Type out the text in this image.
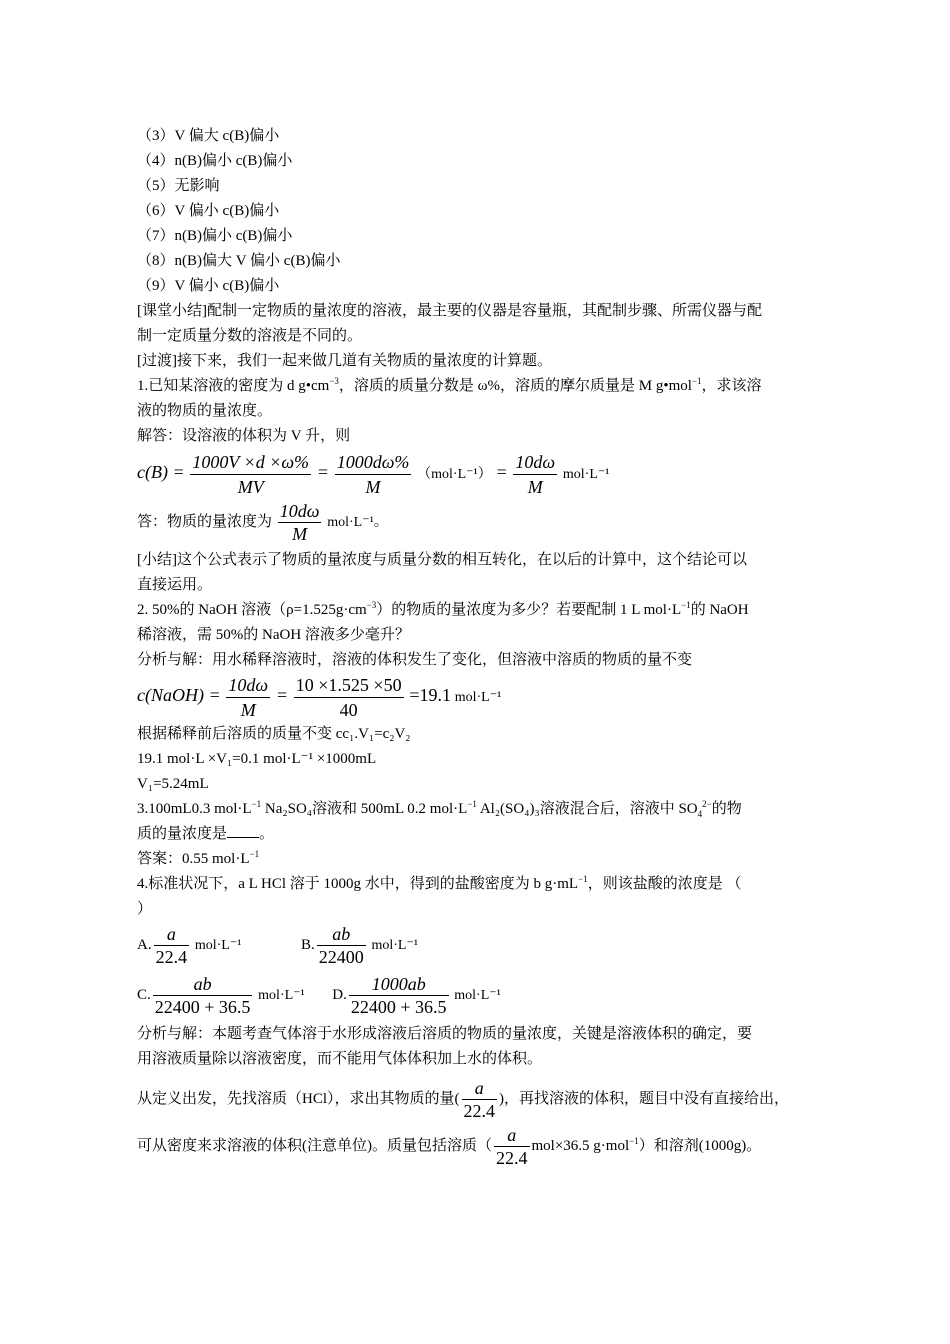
（3）V 偏大 c(B)偏小
（4）n(B)偏小 c(B)偏小
（5）无影响
（6）V 偏小 c(B)偏小
（7）n(B)偏小 c(B)偏小
（8）n(B)偏大 V 偏小 c(B)偏小
（9）V 偏小 c(B)偏小
[课堂小结]配制一定物质的量浓度的溶液，最主要的仪器是容量瓶，其配制步骤、所需仪器与配
制一定质量分数的溶液是不同的。
[过渡]接下来，我们一起来做几道有关物质的量浓度的计算题。
1.已知某溶液的密度为 d $g•cm^{-3}$，溶质的质量分数是 ω%，溶质的摩尔质量是 M g•mol$^{-1}$，求该溶
液的物质的量浓度。
解答：设溶液的体积为 V 升，则
$c(B) = \frac{1000V \times d \times\omega\%}{MV} = \frac{1000d\omega\%}{M} (mol\cdot L^{-1}) = \frac{10d\omega}{M} mol\cdot L^{-1}$
答：物质的量浓度为 $\frac{10d\omega}{M} mol\cdot L^{-1}$。
[小结]这个公式表示了物质的量浓度与质量分数的相互转化，在以后的计算中，这个结论可以
直接运用。
2. 50%的 NaOH 溶液$(\rho=1.525g\cdot cm^{-3})$的物质的量浓度为多少？若要配制 1 L $mol\cdot L^{-1}$的 NaOH
稀溶液，需 50%的 NaOH 溶液多少毫升？
分析与解：用水稀释溶液时，溶液的体积发生了变化，但溶液中溶质的物质的量不变
c(NaOH) = $\frac{10d\omega}{M} = \frac{10 \times 1.525 \times 50}{40} =19.1$ mol·L⁻¹
根据稀释前后溶质的质量不变 cc₁.V₁=c₂V₂
19.1 mol·L ×V₁=0.1 mol·L⁻¹ ×1000mL
V₁=5.24mL
3.100mL0.3 $mol\cdot L^{-1}$ Na₂SO₄溶液和 500mL 0.2 $mol\cdot L^{-1}$ Al₂(SO₄)₃溶液混合后，溶液中 $SO_4^{2-}$的物
质的量浓度是 。
答案：0.55 $mol\cdot L^{-1}$
4.标准状况下，a L HCl 溶于 1000g 水中，得到的盐酸密度为 b $g\cdot mL^{-1}$，则该盐酸的浓度是 （
）
A. $\frac{a}{22.4} mol\cdot L^{-1}$	B. $\frac{ab}{22400} mol\cdot L^{-1}$
C. $\frac{ab}{22400 + 36.5} mol\cdot L^{-1}$ D. $\frac{1000ab}{22400 + 36.5} mol\cdot L^{-1}$
分析与解：本题考查气体溶于水形成溶液后溶质的物质的量浓度，关键是溶液体积的确定，要
用溶液质量除以溶液密度，而不能用气体体积加上水的体积。
从定义出发，先找溶质（HCl），求出其物质的量( $\frac{a}{22.4}$ )，再找溶液的体积，题目中没有直接给出，
可从密度来求溶液的体积(注意单位)。质量包括溶质（ $\frac{a}{22.4} mol\times 36.5$ g·mol$^{-1}$）和溶剂(1000g)。
